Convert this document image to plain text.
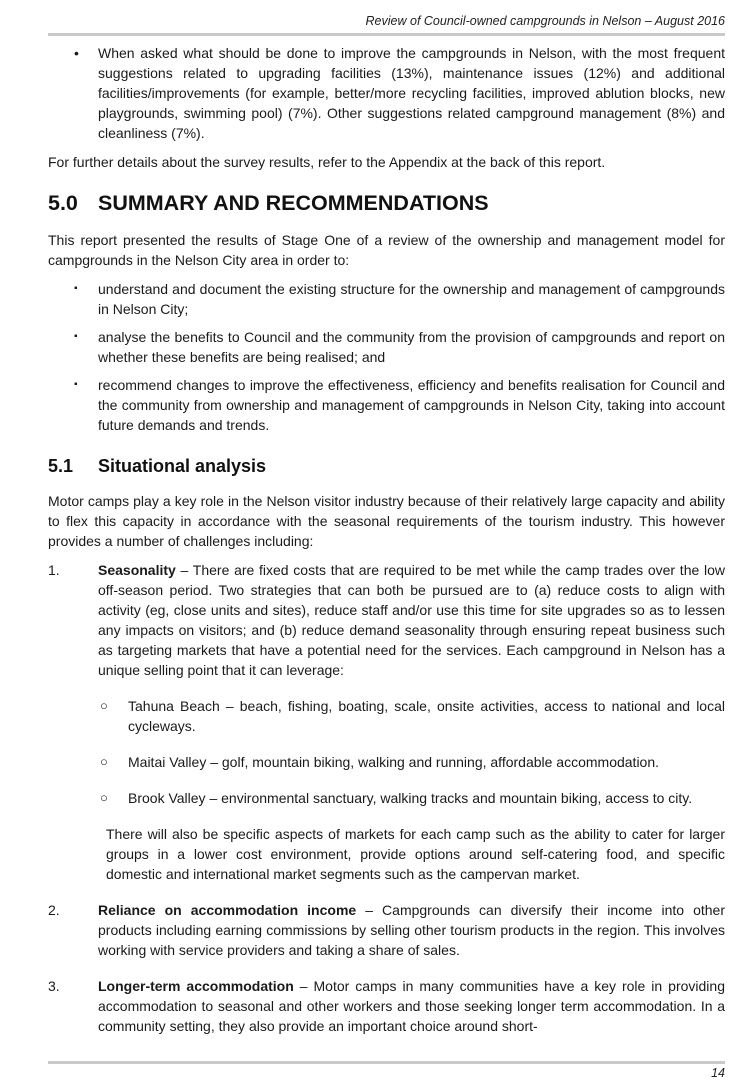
Review of Council-owned campgrounds in Nelson – August 2016
•	When asked what should be done to improve the campgrounds in Nelson, with the most frequent suggestions related to upgrading facilities (13%), maintenance issues (12%) and additional facilities/improvements (for example, better/more recycling facilities, improved ablution blocks, new playgrounds, swimming pool) (7%). Other suggestions related campground management (8%) and cleanliness (7%).

For further details about the survey results, refer to the Appendix at the back of this report.

5.0 SUMMARY AND RECOMMENDATIONS

This report presented the results of Stage One of a review of the ownership and management model for campgrounds in the Nelson City area in order to:

▪	understand and document the existing structure for the ownership and management of campgrounds in Nelson City;
▪	analyse the benefits to Council and the community from the provision of campgrounds and report on whether these benefits are being realised; and
▪	recommend changes to improve the effectiveness, efficiency and benefits realisation for Council and the community from ownership and management of campgrounds in Nelson City, taking into account future demands and trends.
5.1 Situational analysis

Motor camps play a key role in the Nelson visitor industry because of their relatively large capacity and ability to flex this capacity in accordance with the seasonal requirements of the tourism industry. This however provides a number of challenges including:

1.	Seasonality – There are fixed costs that are required to be met while the camp trades over the low off-season period. Two strategies that can both be pursued are to (a) reduce costs to align with activity (eg, close units and sites), reduce staff and/or use this time for site upgrades so as to lessen any impacts on visitors; and (b) reduce demand seasonality through ensuring repeat business such as targeting markets that have a potential need for the services. Each campground in Nelson has a unique selling point that it can leverage:
○	Tahuna Beach – beach, fishing, boating, scale, onsite activities, access to national and local cycleways.
○	Maitai Valley – golf, mountain biking, walking and running, affordable accommodation.
○	Brook Valley – environmental sanctuary, walking tracks and mountain biking, access to city.

There will also be specific aspects of markets for each camp such as the ability to cater for larger groups in a lower cost environment, provide options around self-catering food, and specific domestic and international market segments such as the campervan market.

2.	Reliance on accommodation income – Campgrounds can diversify their income into other products including earning commissions by selling other tourism products in the region. This involves working with service providers and taking a share of sales.
3.	Longer-term accommodation – Motor camps in many communities have a key role in providing accommodation to seasonal and other workers and those seeking longer term accommodation. In a community setting, they also provide an important choice around short-
14
